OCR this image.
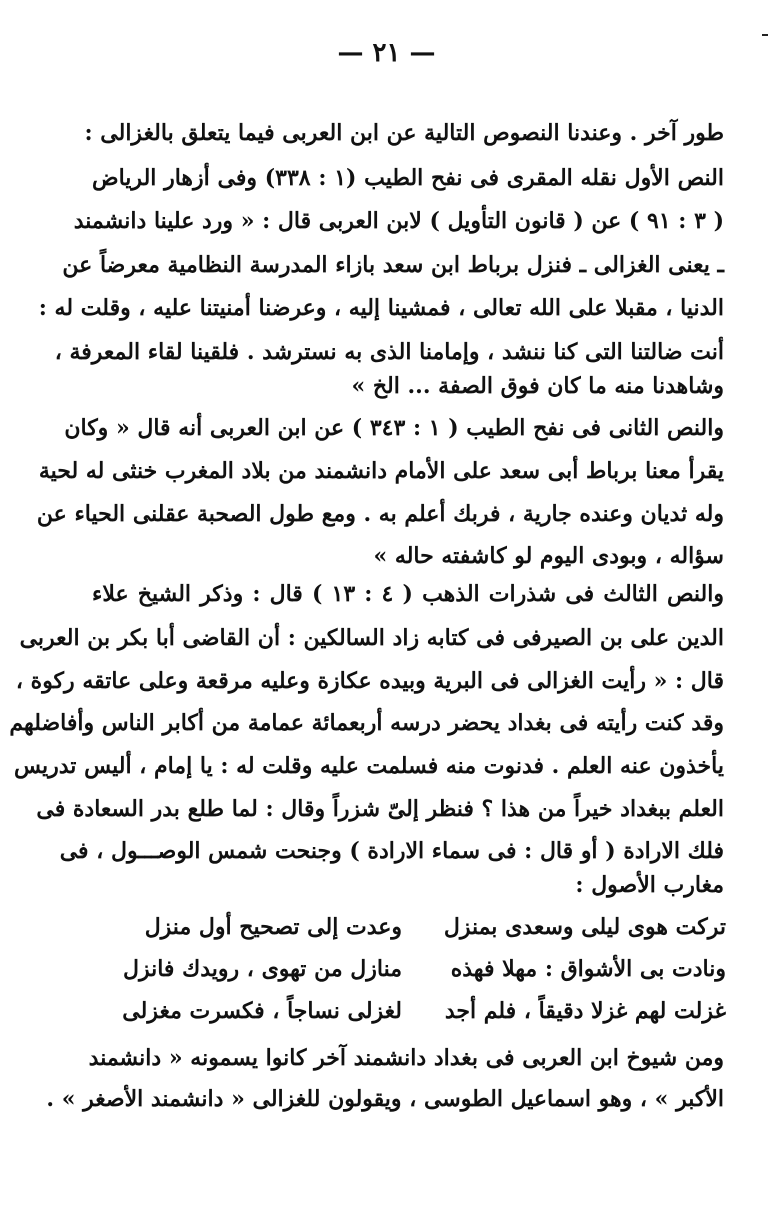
— ٢١ —
طور آخر . وعندنا النصوص التالية عن ابن العربى فيما يتعلق بالغزالى :
النص الأول نقله المقرى فى نفح الطيب (١ : ٣٣٨) وفى أزهار الرياض
( ٣ : ٩١ ) عن ( قانون التأويل ) لابن العربى قال : « ورد علينا دانشمند
ـ يعنى الغزالى ـ فنزل برباط ابن سعد بازاء المدرسة النظامية معرضاً عن
الدنيا ، مقبلا على الله تعالى ، فمشينا إليه ، وعرضنا أمنيتنا عليه ، وقلت له :
أنت ضالتنا التى كنا ننشد ، وإمامنا الذى به نسترشد . فلقينا لقاء المعرفة ،
وشاهدنا منه ما كان فوق الصفة ... الخ »
والنص الثانى فى نفح الطيب ( ١ : ٣٤٣ ) عن ابن العربى أنه قال « وكان
يقرأ معنا برباط أبى سعد على الأمام دانشمند من بلاد المغرب خنثى له لحية
وله ثديان وعنده جارية ، فربك أعلم به . ومع طول الصحبة عقلنى الحياء عن
سؤاله ، وبودى اليوم لو كاشفته حاله »
والنص الثالث فى شذرات الذهب ( ٤ : ١٣ ) قال : وذكر الشيخ علاء
الدين على بن الصيرفى فى كتابه زاد السالكين : أن القاضى أبا بكر بن العربى
قال : « رأيت الغزالى فى البرية وبيده عكازة وعليه مرقعة وعلى عاتقه ركوة ،
وقد كنت رأيته فى بغداد يحضر درسه أربعمائة عمامة من أكابر الناس وأفاضلهم
يأخذون عنه العلم . فدنوت منه فسلمت عليه وقلت له : يا إمام ، أليس تدريس
العلم ببغداد خيراً من هذا ؟ فنظر إلىّ شزراً وقال : لما طلع بدر السعادة فى
فلك الارادة ( أو قال : فى سماء الارادة ) وجنحت شمس الوصـــول ، فى
مغارب الأصول :
تركت هوى ليلى وسعدى بمنزل
وعدت إلى تصحيح أول منزل
ونادت بى الأشواق : مهلا فهذه
منازل من تهوى ، رويدك فانزل
غزلت لهم غزلا دقيقاً ، فلم أجد
لغزلى نساجاً ، فكسرت مغزلى
ومن شيوخ ابن العربى فى بغداد دانشمند آخر كانوا يسمونه « دانشمند
الأكبر » ، وهو اسماعيل الطوسى ، ويقولون للغزالى « دانشمند الأصغر » .
